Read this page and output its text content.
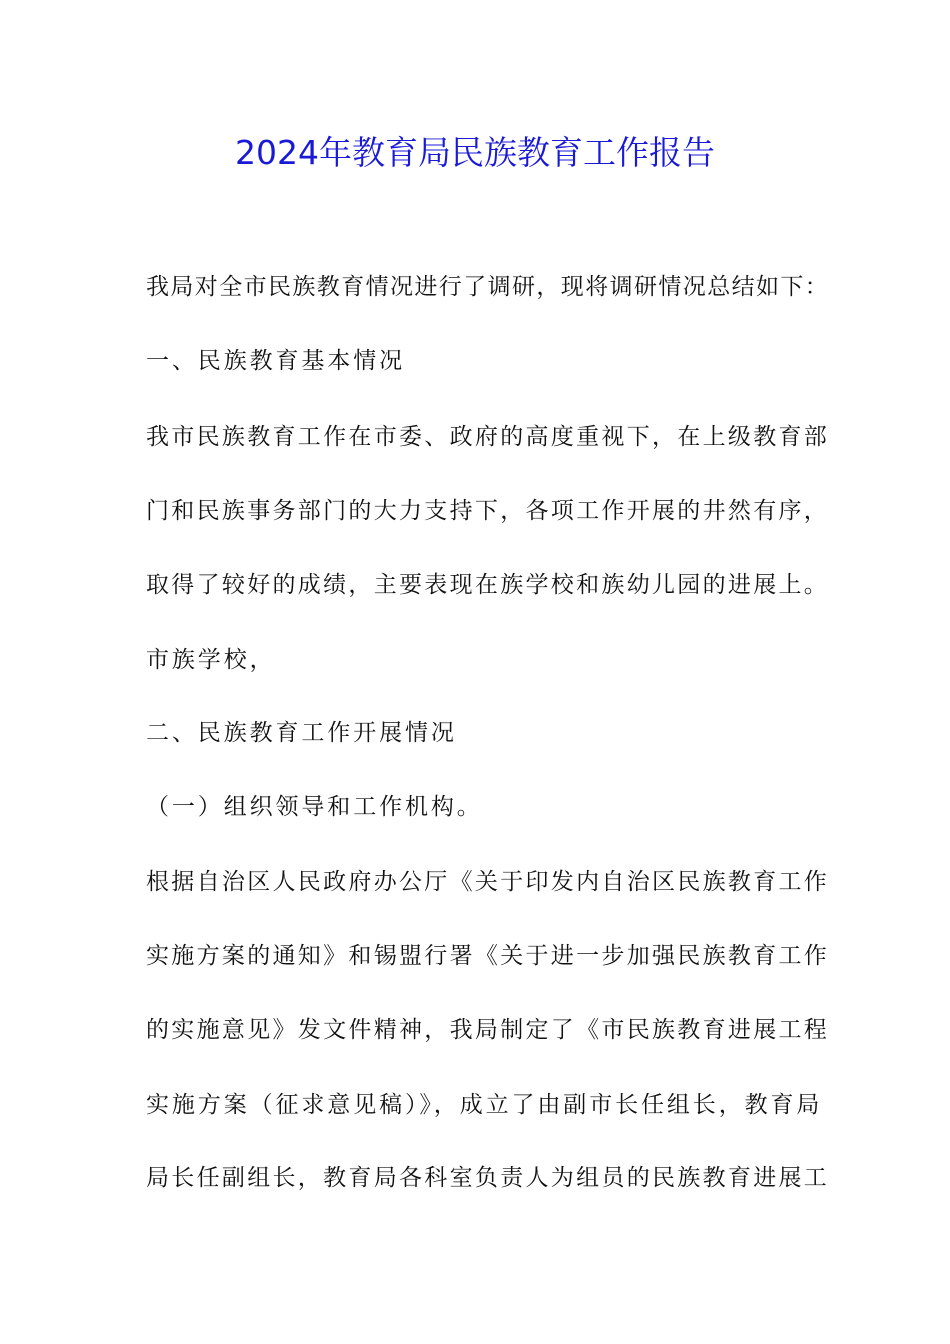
2024年教育局民族教育工作报告

我局对全市民族教育情况进行了调研，现将调研情况总结如下：

一、民族教育基本情况

我市民族教育工作在市委、政府的高度重视下，在上级教育部

门和民族事务部门的大力支持下，各项工作开展的井然有序，

取得了较好的成绩，主要表现在族学校和族幼儿园的进展上。

市族学校，

二、民族教育工作开展情况

（一）组织领导和工作机构。

根据自治区人民政府办公厅《关于印发内自治区民族教育工作

实施方案的通知》和锡盟行署《关于进一步加强民族教育工作

的实施意见》发文件精神，我局制定了《市民族教育进展工程

实施方案（征求意见稿）》，成立了由副市长任组长，教育局

局长任副组长，教育局各科室负责人为组员的民族教育进展工
